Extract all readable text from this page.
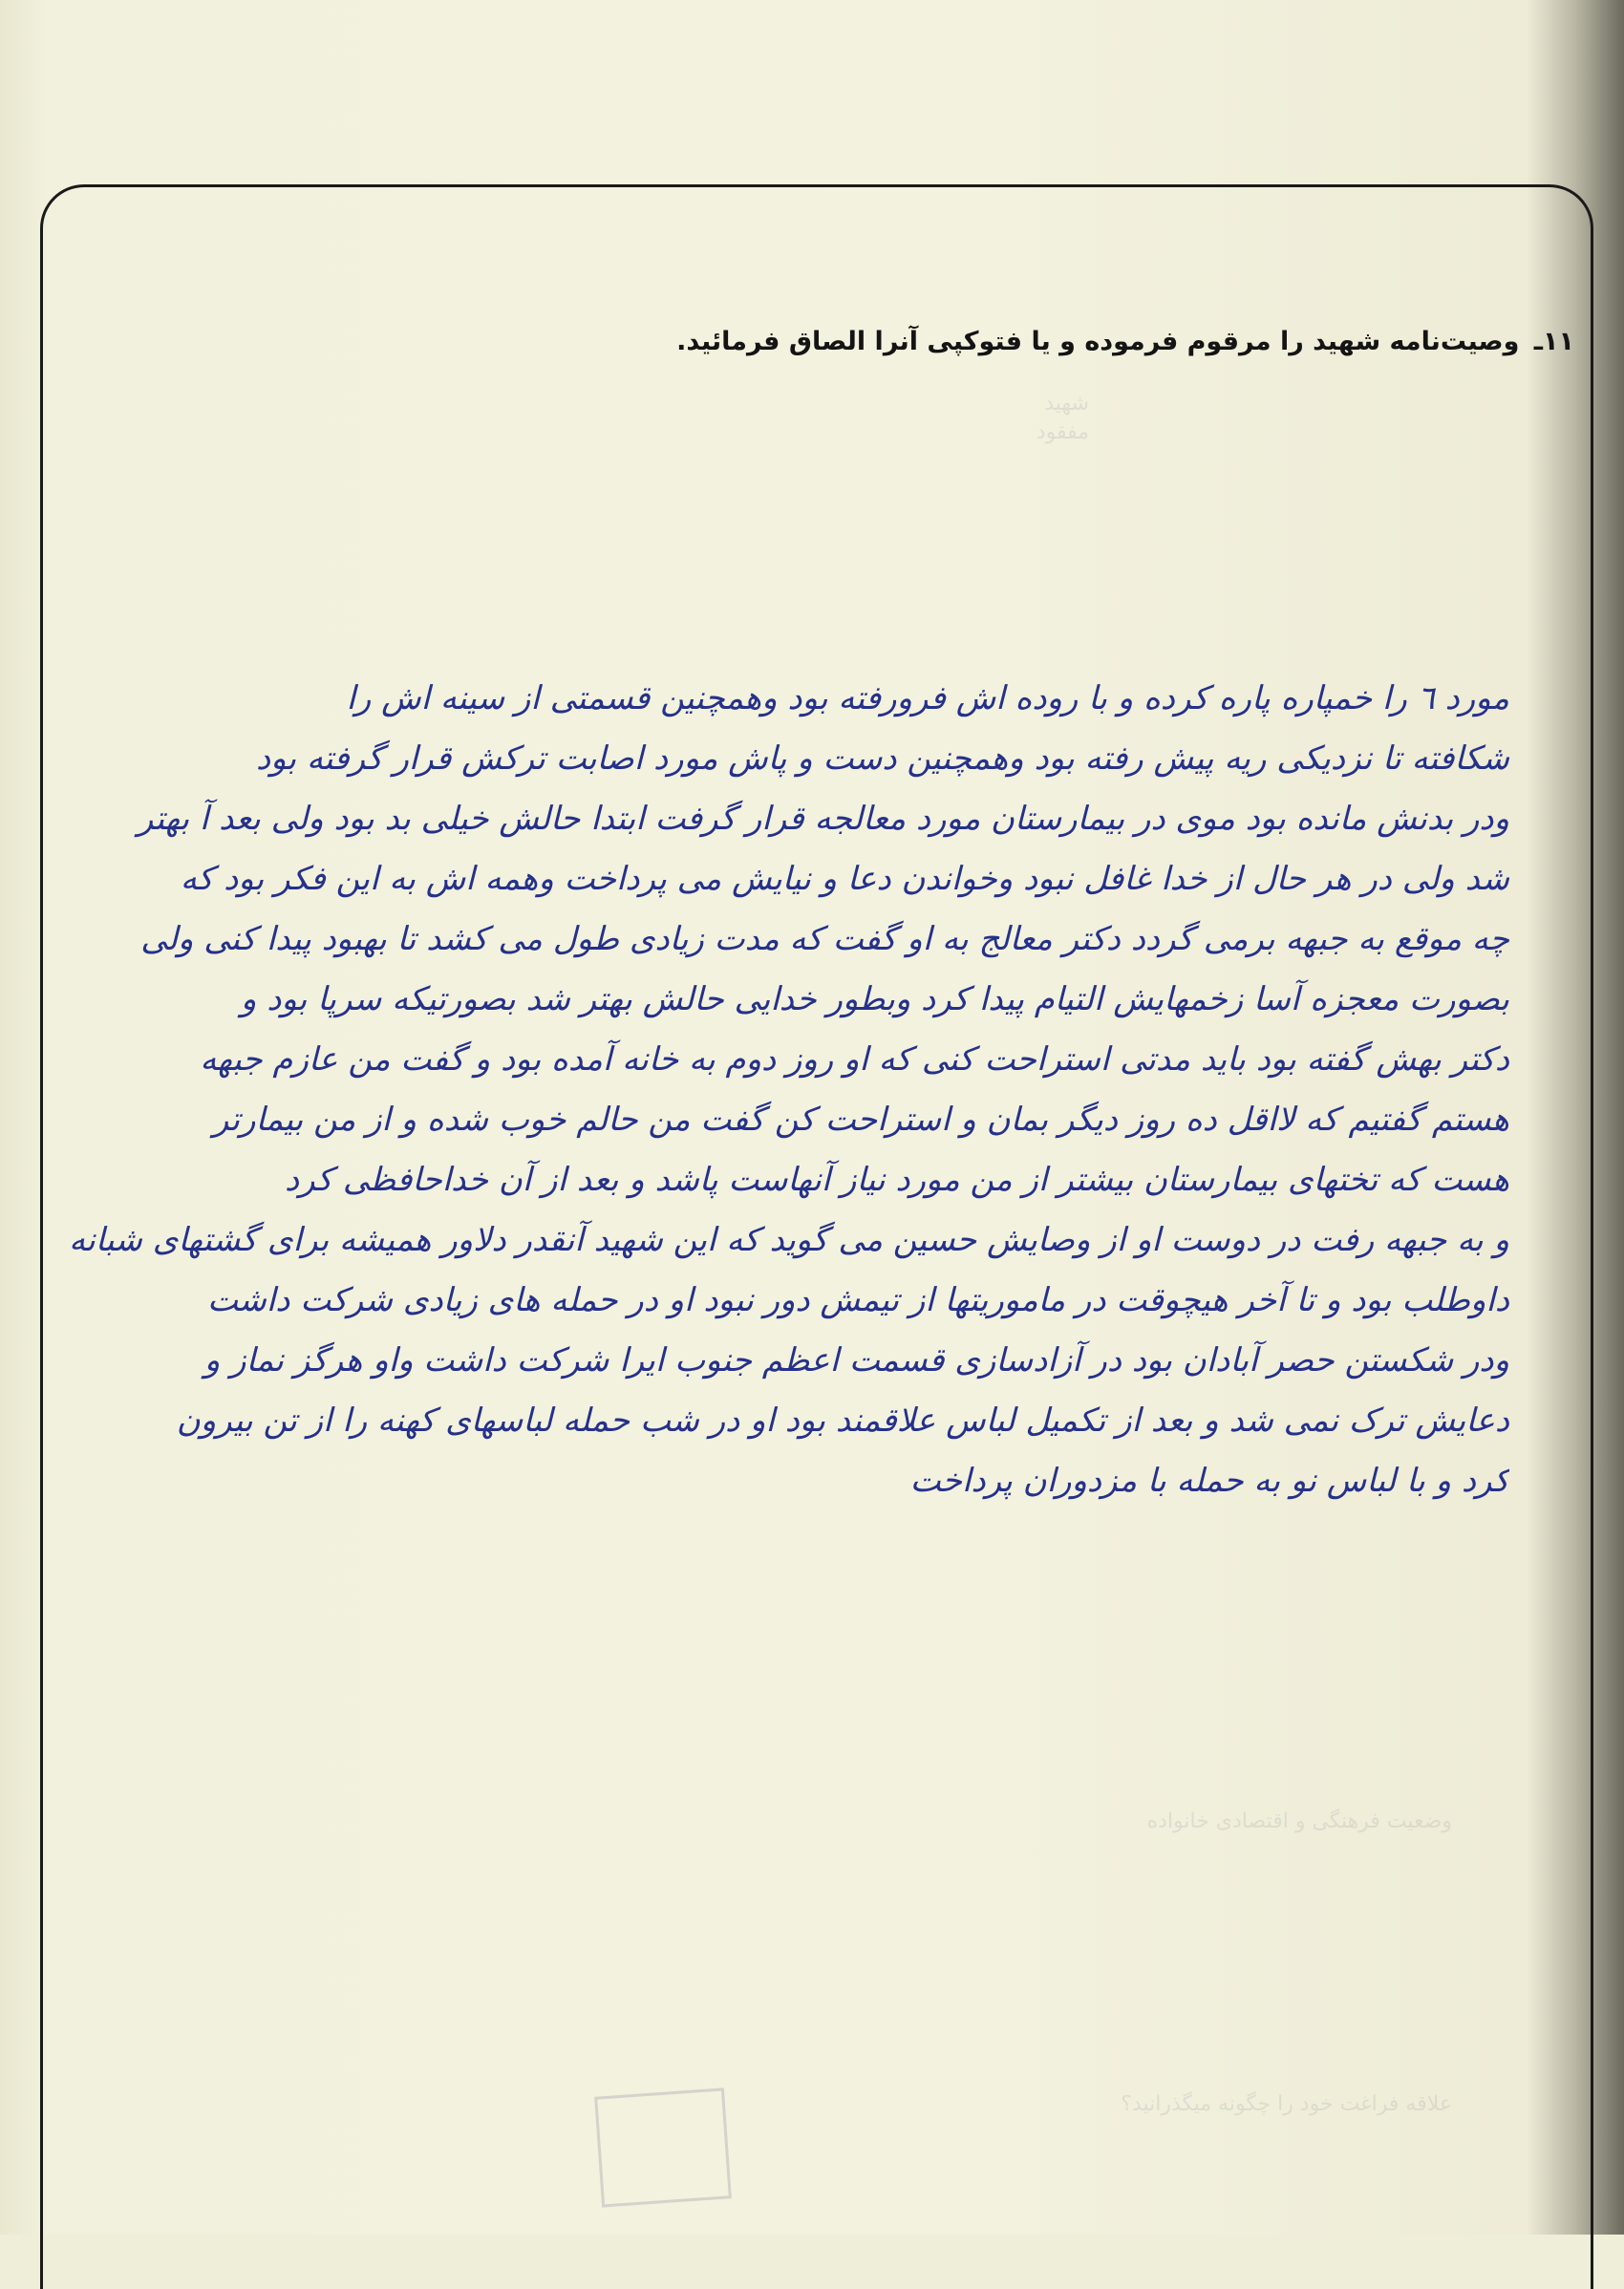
شهید
مفقود
وضعیت فرهنگی و اقتصادی خانواده
علاقه فراغت خود را چگونه میگذرانید؟
۱۱ـ وصیت‌نامه شهید را مرقوم فرموده و یا فتوکپی آنرا الصاق فرمائید.
مورد ٦ را خمپاره پاره کرده و با روده اش فرورفته بود وهمچنین قسمتی از سینه اش را
شکافته تا نزدیکی ریه پیش رفته بود وهمچنین دست و پاش مورد اصابت ترکش قرار گرفته بود
ودر بدنش مانده بود موی در بیمارستان مورد معالجه قرار گرفت ابتدا حالش خیلی بد بود ولی بعد آ بهتر
شد ولی در هر حال از خدا غافل نبود وخواندن دعا و نیایش می پرداخت وهمه اش به این فکر بود که
چه موقع به جبهه برمی گردد دکتر معالج به او گفت که مدت زیادی طول می کشد تا بهبود پیدا کنی ولی
بصورت معجزه آسا زخمهایش التیام پیدا کرد وبطور خدایی حالش بهتر شد بصورتیکه سرپا بود و
دکتر بهش گفته بود باید مدتی استراحت کنی که او روز دوم به خانه آمده بود و گفت من عازم جبهه
هستم گفتیم که لااقل ده روز دیگر بمان و استراحت کن گفت من حالم خوب شده و از من بیمارتر
هست که تختهای بیمارستان بیشتر از من مورد نیاز آنهاست پاشد و بعد از آن خداحافظی کرد
و به جبهه رفت در دوست او از وصایش حسین می گوید که این شهید آنقدر دلاور همیشه برای گشتهای شبانه
داوطلب بود و تا آخر هیچوقت در ماموریتها از تیمش دور نبود او در حمله های زیادی شرکت داشت
ودر شکستن حصر آبادان بود در آزادسازی قسمت اعظم جنوب ایرا شرکت داشت واو هرگز نماز و
دعایش ترک نمی شد و بعد از تکمیل لباس علاقمند بود او در شب حمله لباسهای کهنه را از تن بیرون
کرد و با لباس نو به حمله با مزدوران پرداخت
